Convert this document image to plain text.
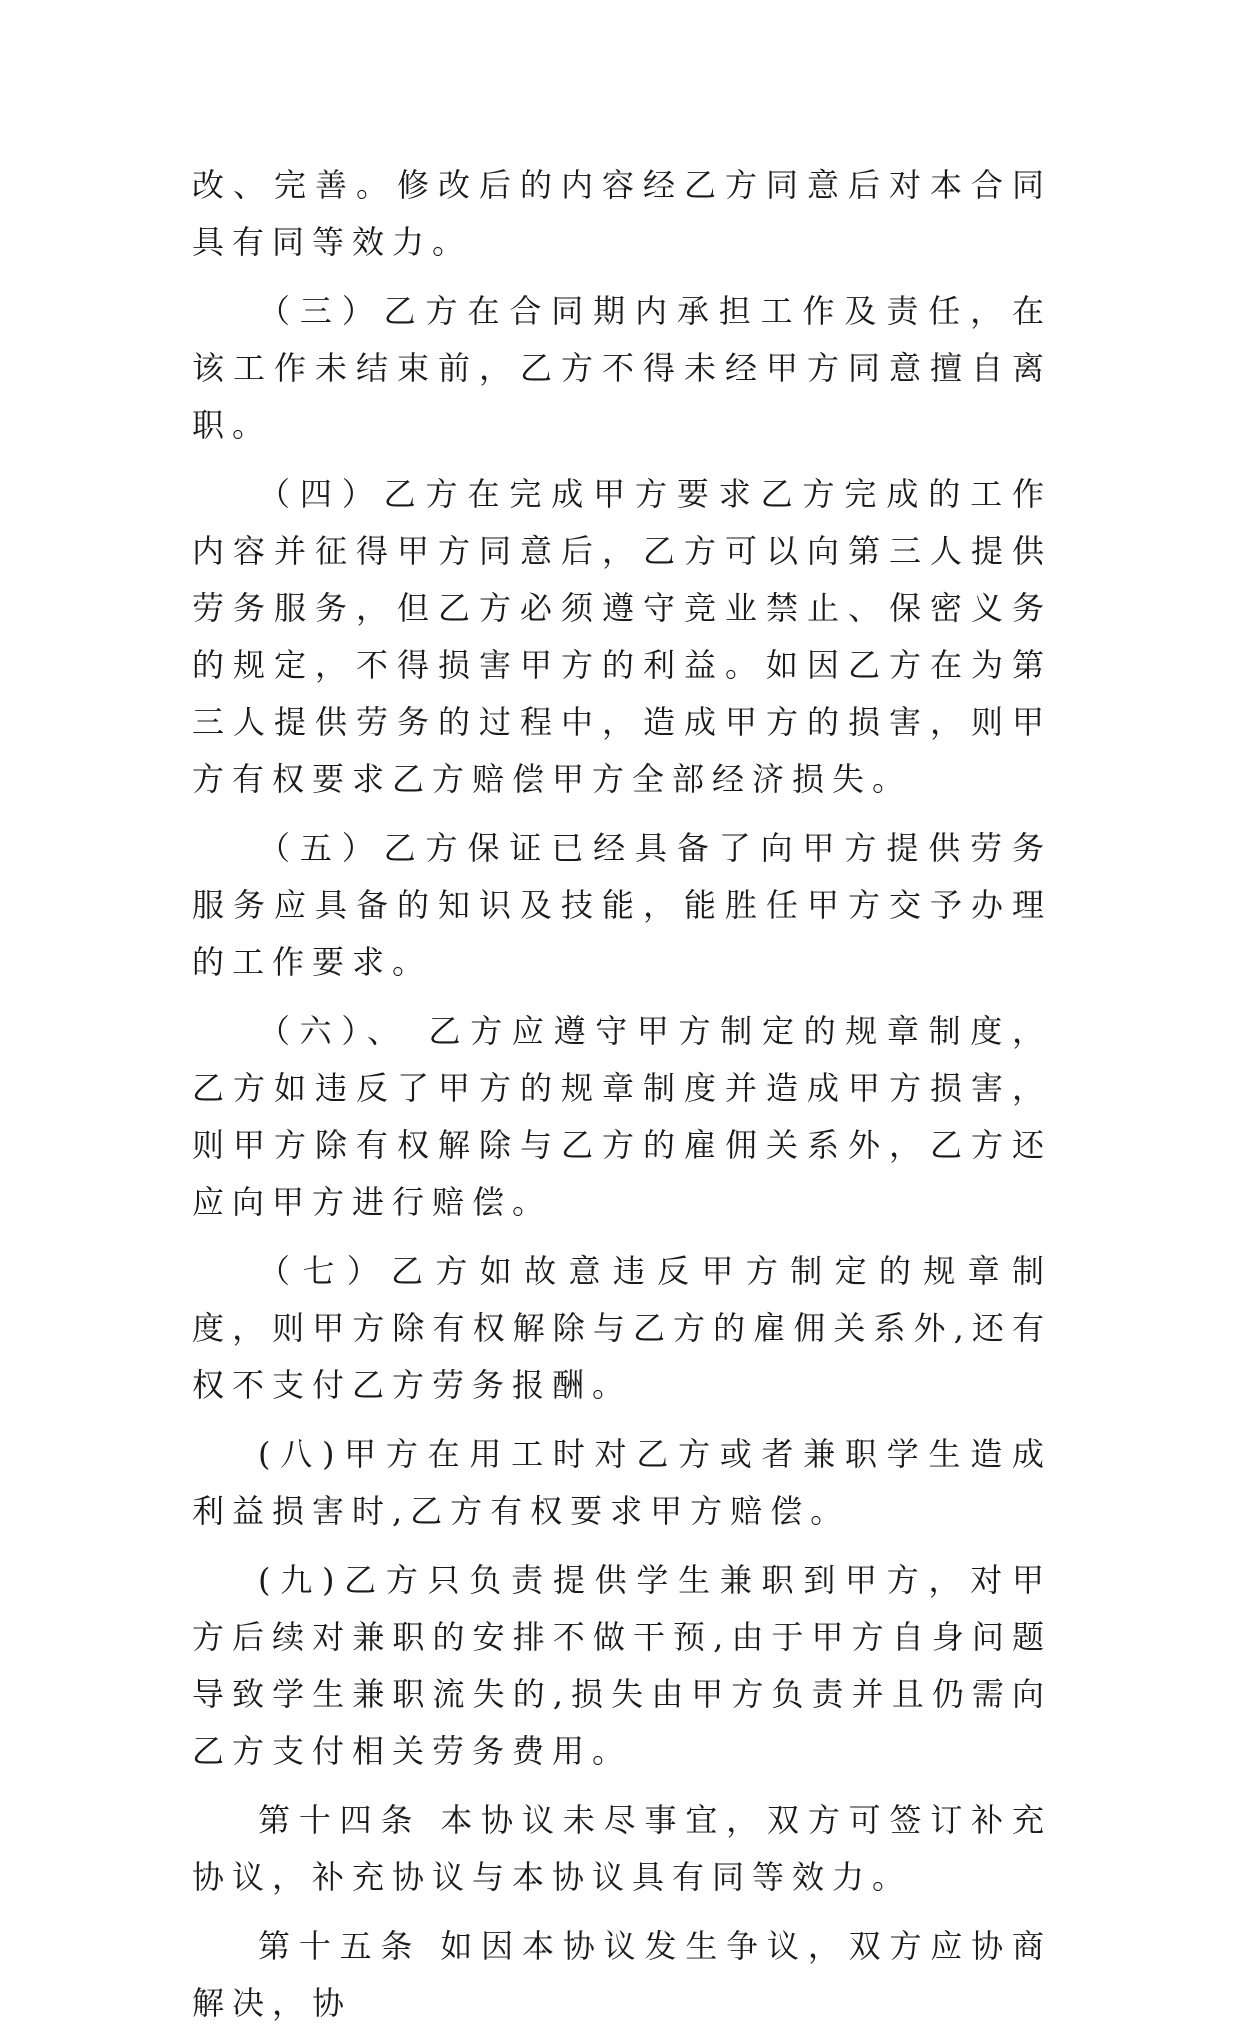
改、完善。修改后的内容经乙方同意后对本合同具有同等效力。

（三）乙方在合同期内承担工作及责任，在该工作未结束前，乙方不得未经甲方同意擅自离职。

（四）乙方在完成甲方要求乙方完成的工作内容并征得甲方同意后，乙方可以向第三人提供劳务服务，但乙方必须遵守竞业禁止、保密义务的规定，不得损害甲方的利益。如因乙方在为第三人提供劳务的过程中，造成甲方的损害，则甲方有权要求乙方赔偿甲方全部经济损失。

（五）乙方保证已经具备了向甲方提供劳务服务应具备的知识及技能，能胜任甲方交予办理的工作要求。

（六）、 乙方应遵守甲方制定的规章制度，乙方如违反了甲方的规章制度并造成甲方损害，则甲方除有权解除与乙方的雇佣关系外，乙方还应向甲方进行赔偿。

（七）乙方如故意违反甲方制定的规章制度，则甲方除有权解除与乙方的雇佣关系外,还有权不支付乙方劳务报酬。

(八)甲方在用工时对乙方或者兼职学生造成利益损害时,乙方有权要求甲方赔偿。

(九)乙方只负责提供学生兼职到甲方，对甲方后续对兼职的安排不做干预,由于甲方自身问题导致学生兼职流失的,损失由甲方负责并且仍需向乙方支付相关劳务费用。

第十四条 本协议未尽事宜，双方可签订补充协议，补充协议与本协议具有同等效力。

第十五条 如因本协议发生争议，双方应协商解决，协
